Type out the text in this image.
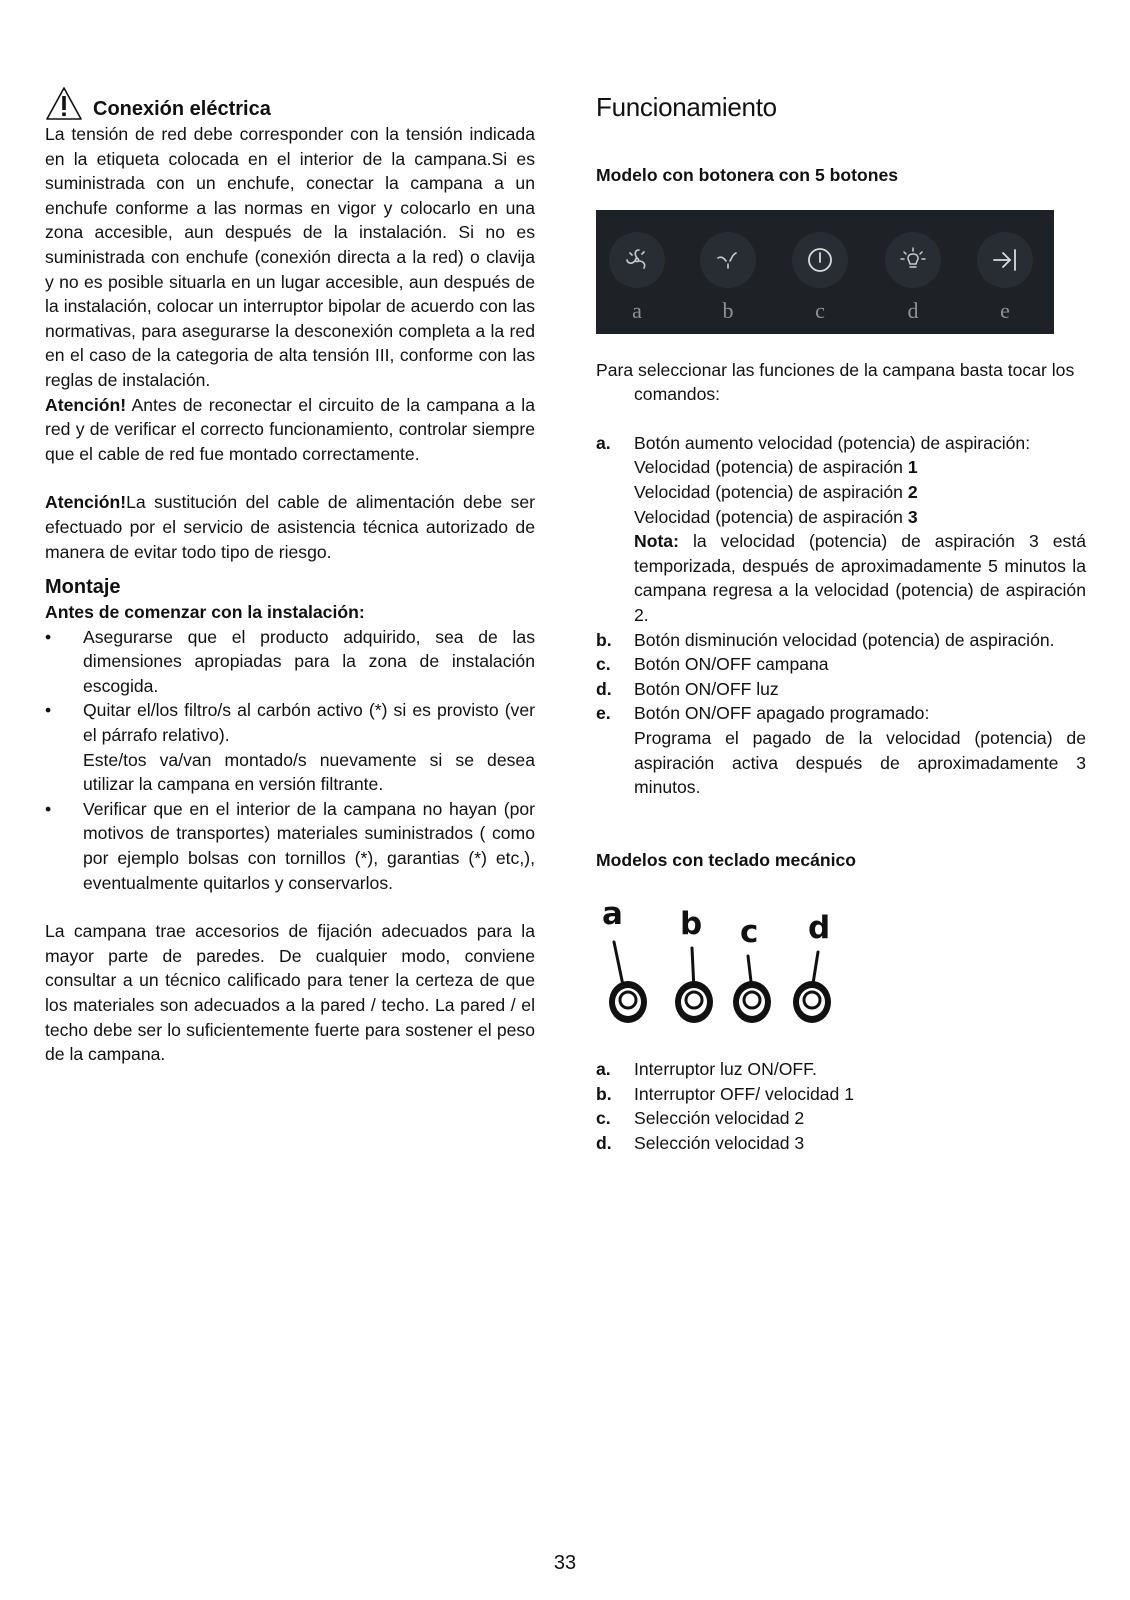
Conexión eléctrica

La tensión de red debe corresponder con la tensión indicada en la etiqueta colocada en el interior de la campana.Si es suministrada con un enchufe, conectar la campana a un enchufe conforme a las normas en vigor y colocarlo en una zona accesible, aun después de la instalación. Si no es suministrada con enchufe (conexión directa a la red) o clavija y no es posible situarla en un lugar accesible, aun después de la instalación, colocar un interruptor bipolar de acuerdo con las normativas, para asegurarse la desconexión completa a la red en el caso de la categoria de alta tensión III, conforme con las reglas de instalación.

Atención! Antes de reconectar el circuito de la campana a la red y de verificar el correcto funcionamiento, controlar siempre que el cable de red fue montado correctamente.

Atención!La sustitución del cable de alimentación debe ser efectuado por el servicio de asistencia técnica autorizado de manera de evitar todo tipo de riesgo.

Montaje
Antes de comenzar con la instalación:
• Asegurarse que el producto adquirido, sea de las dimensiones apropiadas para la zona de instalación escogida.
• Quitar el/los filtro/s al carbón activo (*) si es provisto (ver el párrafo relativo).
Este/tos va/van montado/s nuevamente si se desea utilizar la campana en versión filtrante.
• Verificar que en el interior de la campana no hayan (por motivos de transportes) materiales suministrados ( como por ejemplo bolsas con tornillos (*), garantias (*) etc,), eventualmente quitarlos y conservarlos.

La campana trae accesorios de fijación adecuados para la mayor parte de paredes. De cualquier modo, conviene consultar a un técnico calificado para tener la certeza de que los materiales son adecuados a la pared / techo. La pared / el techo debe ser lo suficientemente fuerte para sostener el peso de la campana.

Funcionamiento
Modelo con botonera con 5 botones
a	b	c	d	e

Para seleccionar las funciones de la campana basta tocar los comandos:

a.	Botón aumento velocidad (potencia) de aspiración:
Velocidad (potencia) de aspiración 1
Velocidad (potencia) de aspiración 2
Velocidad (potencia) de aspiración 3
Nota: la velocidad (potencia) de aspiración 3 está temporizada, después de aproximadamente 5 minutos la campana regresa a la velocidad (potencia) de aspiración 2.
b.	Botón disminución velocidad (potencia) de aspiración.
c.	Botón ON/OFF campana
d.	Botón ON/OFF luz
e.	Botón ON/OFF apagado programado:
Programa el pagado de la velocidad (potencia) de aspiración activa después de aproximadamente 3 minutos.
Modelos con teclado mecánico
a b c d
a.	Interruptor luz ON/OFF.
b.	Interruptor OFF/ velocidad 1
c.	Selección velocidad 2
d.	Selección velocidad 3
33
